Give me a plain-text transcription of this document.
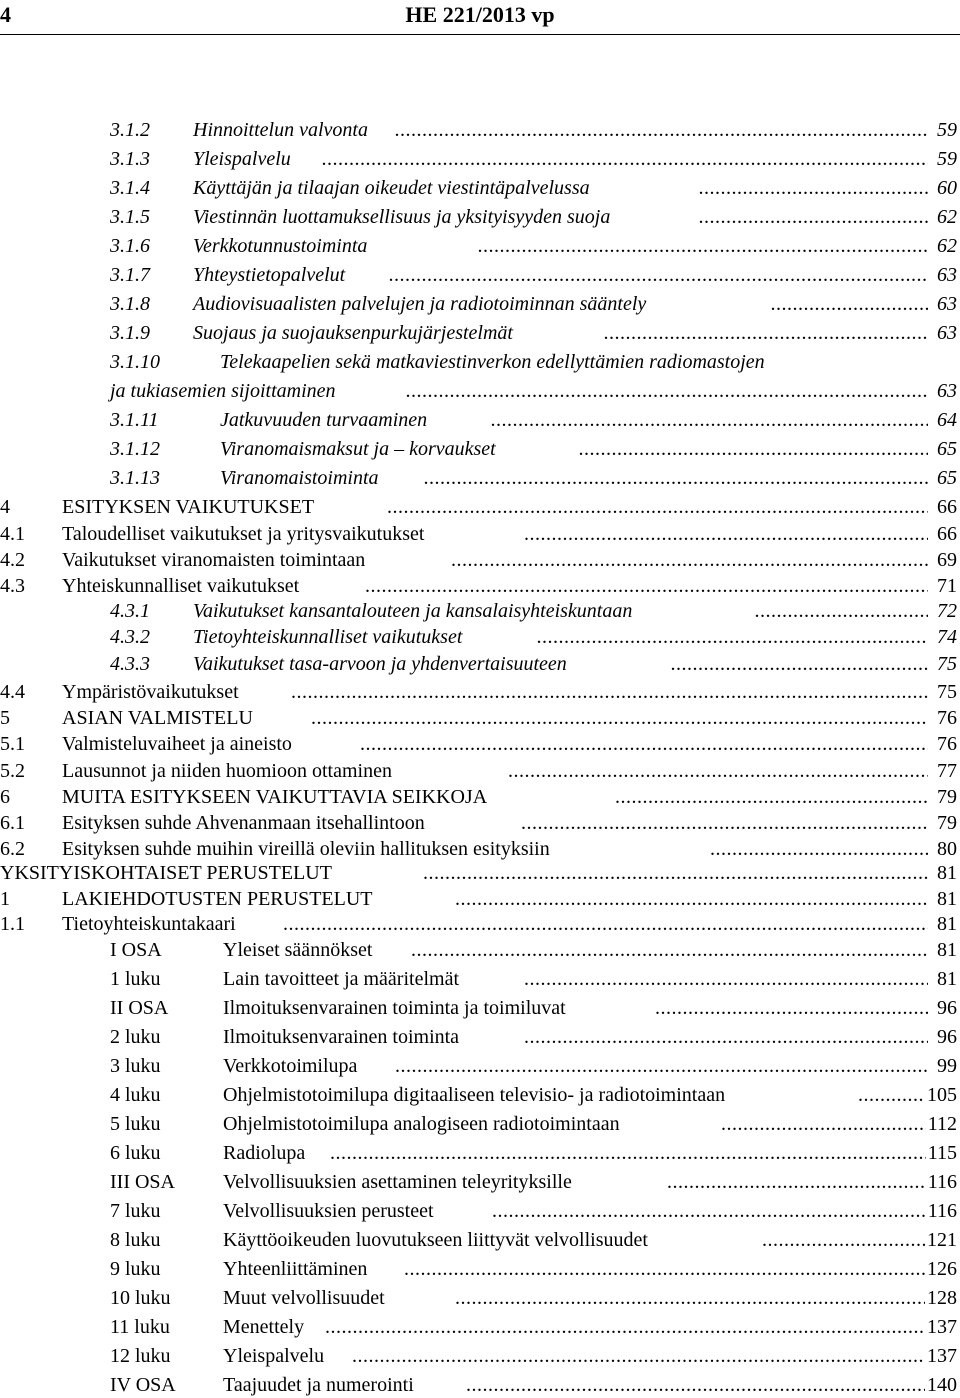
4	HE 221/2013 vp
3.1.2 Hinnoittelun valvonta .....	59
3.1.3 Yleispalvelu .....	59
3.1.4 Käyttäjän ja tilaajan oikeudet viestintäpalvelussa .....	60
3.1.5 Viestinnän luottamuksellisuus ja yksityisyyden suoja .....	62
3.1.6 Verkkotunnustoiminta .....	62
3.1.7 Yhteystietopalvelut .....	63
3.1.8 Audiovisuaalisten palvelujen ja radiotoiminnan sääntely .....	63
3.1.9 Suojaus ja suojauksenpurkujärjestelmät .....	63
3.1.10	Telekaapelien sekä matkaviestinverkon edellyttämien radiomastojen
ja tukiasemien sijoittaminen .....	63
3.1.11	Jatkuvuuden turvaaminen .....	64
3.1.12	Viranomaismaksut ja – korvaukset .....	65
3.1.13	Viranomaistoiminta .....	65
4	ESITYKSEN VAIKUTUKSET .....	66
4.1 Taloudelliset vaikutukset ja yritysvaikutukset .....	66
4.2 Vaikutukset viranomaisten toimintaan .....	69
4.3 Yhteiskunnalliset vaikutukset .....	71
4.3.1 Vaikutukset kansantalouteen ja kansalaisyhteiskuntaan .....	72
4.3.2 Tietoyhteiskunnalliset vaikutukset .....	74
4.3.3 Vaikutukset tasa-arvoon ja yhdenvertaisuuteen .....	75
4.4 Ympäristövaikutukset .....	75
5	ASIAN VALMISTELU .....	76
5.1 Valmisteluvaiheet ja aineisto .....	76
5.2 Lausunnot ja niiden huomioon ottaminen .....	77
6	MUITA ESITYKSEEN VAIKUTTAVIA SEIKKOJA .....	79
6.1 Esityksen suhde Ahvenanmaan itsehallintoon .....	79
6.2 Esityksen suhde muihin vireillä oleviin hallituksen esityksiin .....	80
YKSITYISKOHTAISET PERUSTELUT .....	81
1	LAKIEHDOTUSTEN PERUSTELUT .....	81
1.1 Tietoyhteiskuntakaari .....	81
I OSA	Yleiset säännökset .....	81
1 luku	Lain tavoitteet ja määritelmät .....	81
II OSA	Ilmoituksenvarainen toiminta ja toimiluvat .....	96
2 luku	Ilmoituksenvarainen toiminta .....	96
3 luku	Verkkotoimilupa .....	99
4 luku	Ohjelmistotoimilupa digitaaliseen televisio- ja radiotoimintaan .....	105
5 luku	Ohjelmistotoimilupa analogiseen radiotoimintaan .....	112
6 luku	Radiolupa .....	115
III OSA Velvollisuuksien asettaminen teleyrityksille .....	116
7 luku	Velvollisuuksien perusteet .....	116
8 luku	Käyttöoikeuden luovutukseen liittyvät velvollisuudet .....	121
9 luku	Yhteenliittäminen .....	126
10 luku	Muut velvollisuudet .....	128
11 luku	Menettely .....	137
12 luku	Yleispalvelu .....	137
IV OSA Taajuudet ja numerointi .....	140
